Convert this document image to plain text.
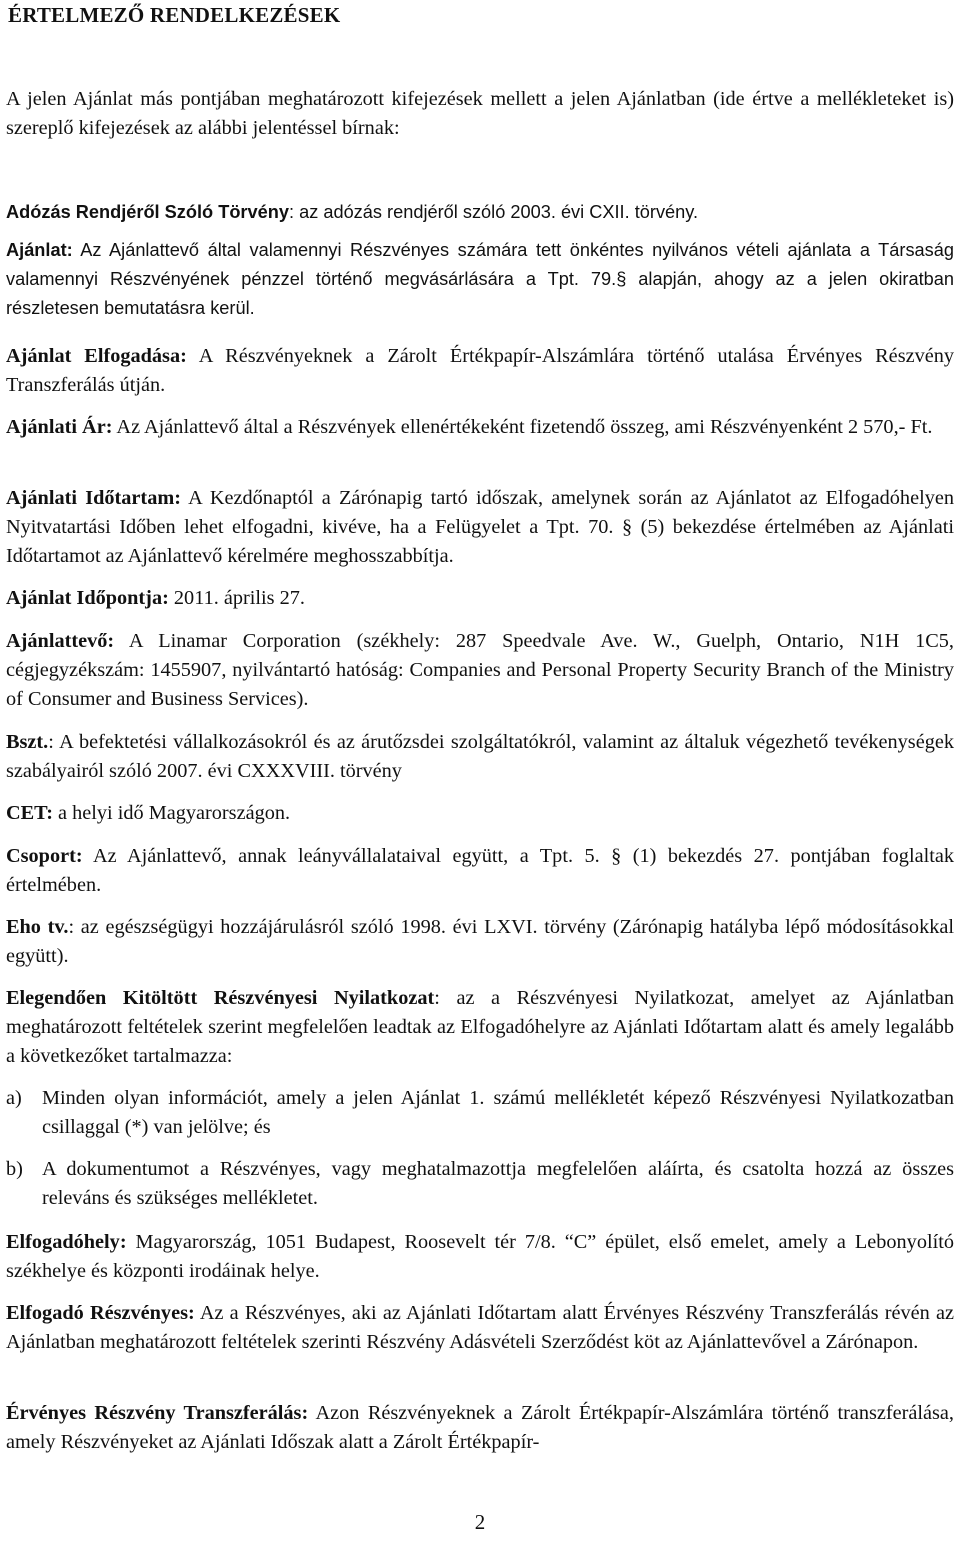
ÉRTELMEZŐ RENDELKEZÉSEK

A jelen Ajánlat más pontjában meghatározott kifejezések mellett a jelen Ajánlatban (ide értve a mellékleteket is) szereplő kifejezések az alábbi jelentéssel bírnak:

Adózás Rendjéről Szóló Törvény: az adózás rendjéről szóló 2003. évi CXII. törvény.

Ajánlat: Az Ajánlattevő által valamennyi Részvényes számára tett önkéntes nyilvános vételi ajánlata a Társaság valamennyi Részvényének pénzzel történő megvásárlására a Tpt. 79.§ alapján, ahogy az a jelen okiratban részletesen bemutatásra kerül.

Ajánlat Elfogadása: A Részvényeknek a Zárolt Értékpapír-Alszámlára történő utalása Érvényes Részvény Transzferálás útján.

Ajánlati Ár: Az Ajánlattevő által a Részvények ellenértékeként fizetendő összeg, ami Részvényenként 2 570,- Ft.

Ajánlati Időtartam: A Kezdőnaptól a Zárónapig tartó időszak, amelynek során az Ajánlatot az Elfogadóhelyen Nyitvatartási Időben lehet elfogadni, kivéve, ha a Felügyelet a Tpt. 70. § (5) bekezdése értelmében az Ajánlati Időtartamot az Ajánlattevő kérelmére meghosszabbítja.

Ajánlat Időpontja: 2011. április 27.

Ajánlattevő: A Linamar Corporation (székhely: 287 Speedvale Ave. W., Guelph, Ontario, N1H 1C5, cégjegyzékszám: 1455907, nyilvántartó hatóság: Companies and Personal Property Security Branch of the Ministry of Consumer and Business Services).

Bszt.: A befektetési vállalkozásokról és az árutőzsdei szolgáltatókról, valamint az általuk végezhető tevékenységek szabályairól szóló 2007. évi CXXXVIII. törvény

CET: a helyi idő Magyarországon.

Csoport: Az Ajánlattevő, annak leányvállalataival együtt, a Tpt. 5. § (1) bekezdés 27. pontjában foglaltak értelmében.

Eho tv.: az egészségügyi hozzájárulásról szóló 1998. évi LXVI. törvény (Zárónapig hatályba lépő módosításokkal együtt).

Elegendően Kitöltött Részvényesi Nyilatkozat: az a Részvényesi Nyilatkozat, amelyet az Ajánlatban meghatározott feltételek szerint megfelelően leadtak az Elfogadóhelyre az Ajánlati Időtartam alatt és amely legalább a következőket tartalmazza:

a) Minden olyan információt, amely a jelen Ajánlat 1. számú mellékletét képező Részvényesi Nyilatkozatban csillaggal (*) van jelölve; és
b) A dokumentumot a Részvényes, vagy meghatalmazottja megfelelően aláírta, és csatolta hozzá az összes releváns és szükséges mellékletet.

Elfogadóhely: Magyarország, 1051 Budapest, Roosevelt tér 7/8. “C” épület, első emelet, amely a Lebonyolító székhelye és központi irodáinak helye.

Elfogadó Részvényes: Az a Részvényes, aki az Ajánlati Időtartam alatt Érvényes Részvény Transzferálás révén az Ajánlatban meghatározott feltételek szerinti Részvény Adásvételi Szerződést köt az Ajánlattevővel a Zárónapon.

Érvényes Részvény Transzferálás: Azon Részvényeknek a Zárolt Értékpapír-Alszámlára történő transzferálása, amely Részvényeket az Ajánlati Időszak alatt a Zárolt Értékpapír-

2
